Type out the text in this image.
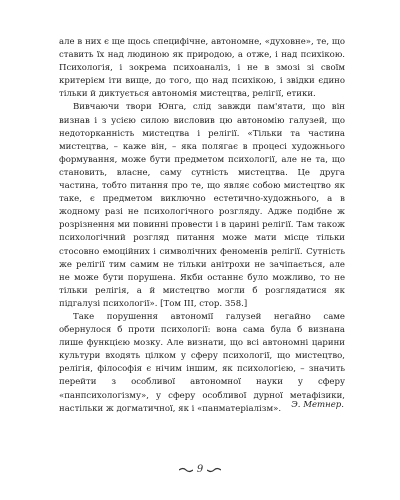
але в них є ще щось специфічне, автономне, «духовне», те, що ставить їх над людиною як природою, а отже, і над психікою. Психологія, і зокрема психоаналіз, і не в змозі зі своїм критерієм іти вище, до того, що над психікою, і звідки єдино тільки й диктується автономія мистецтва, релігії, етики.

Вивчаючи твори Юнга, слід завжди пам'ятати, що він визнав і з усією силою висловив цю автономію галузей, що недоторканність мистецтва і релігії. «Тільки та частина мистецтва, – каже він, – яка полягає в процесі художнього формування, може бути предметом психології, але не та, що становить, власне, саму сутність мистецтва. Це друга частина, тобто питання про те, що являє собою мистецтво як таке, є предметом виключно естетично-художнього, а в жодному разі не психологічного розгляду. Адже подібне ж розрізнення ми повинні провести і в царині релігії. Там також психологічний розгляд питання може мати місце тільки стосовно емоційних і символічних феноменів релігії. Сутність же релігії тим самим не тільки анітрохи не зачіпається, але не може бути порушена. Якби останнє було можливо, то не тільки релігія, а й мистецтво могли б розглядатися як підгалузі психології». [Том III, стор. 358.]

Таке порушення автономії галузей негайно саме обернулося б проти психології: вона сама була б визнана лише функцією мозку. Але визнати, що всі автономні царини культури входять цілком у сферу психології, що мистецтво, релігія, філософія є нічим іншим, як психологією, – значить перейти з особливої автономної науки у сферу «панпсихологізму», у сферу особливої дурної метафізики, настільки ж догматичної, як і «панматеріалізм».	Э. Метнер.
9
